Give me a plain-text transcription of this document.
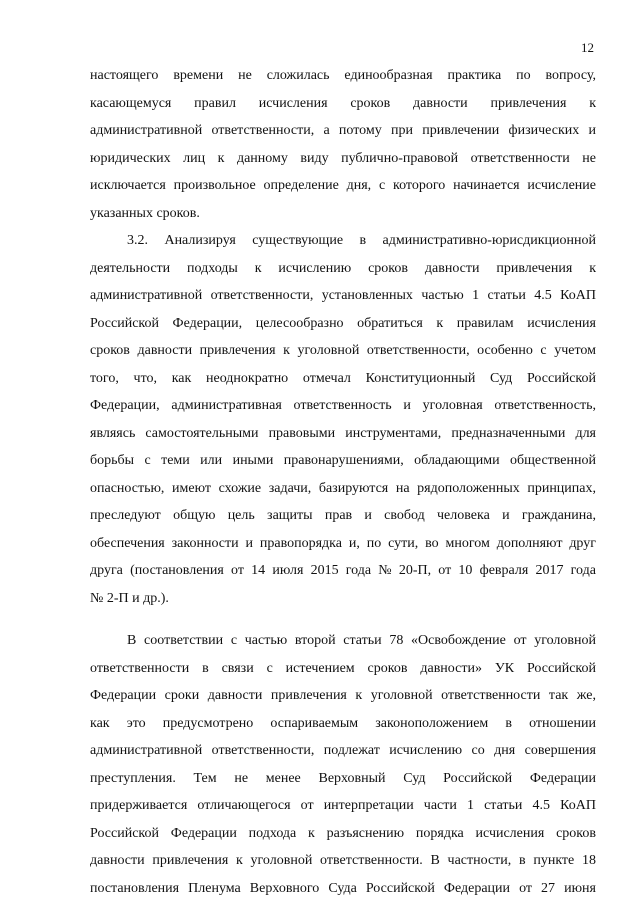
12
настоящего времени не сложилась единообразная практика по вопросу,
касающемуся правил исчисления сроков давности привлечения к
административной ответственности, а потому при привлечении физических и
юридических лиц к данному виду публично-правовой ответственности не
исключается произвольное определение дня, с которого начинается исчисление
указанных сроков.
3.2. Анализируя существующие в административно-юрисдикционной
деятельности подходы к исчислению сроков давности привлечения к
административной ответственности, установленных частью 1 статьи 4.5 КоАП
Российской Федерации, целесообразно обратиться к правилам исчисления
сроков давности привлечения к уголовной ответственности, особенно с учетом
того, что, как неоднократно отмечал Конституционный Суд Российской
Федерации, административная ответственность и уголовная ответственность,
являясь самостоятельными правовыми инструментами, предназначенными для
борьбы с теми или иными правонарушениями, обладающими общественной
опасностью, имеют схожие задачи, базируются на рядоположенных принципах,
преследуют общую цель защиты прав и свобод человека и гражданина,
обеспечения законности и правопорядка и, по сути, во многом дополняют друг
друга (постановления от 14 июля 2015 года № 20-П, от 10 февраля 2017 года
№ 2-П и др.).
В соответствии с частью второй статьи 78 «Освобождение от уголовной
ответственности в связи с истечением сроков давности» УК Российской
Федерации сроки давности привлечения к уголовной ответственности так же,
как это предусмотрено оспариваемым законоположением в отношении
административной ответственности, подлежат исчислению со дня совершения
преступления. Тем не менее Верховный Суд Российской Федерации
придерживается отличающегося от интерпретации части 1 статьи 4.5 КоАП
Российской Федерации подхода к разъяснению порядка исчисления сроков
давности привлечения к уголовной ответственности. В частности, в пункте 18
постановления Пленума Верховного Суда Российской Федерации от 27 июня
